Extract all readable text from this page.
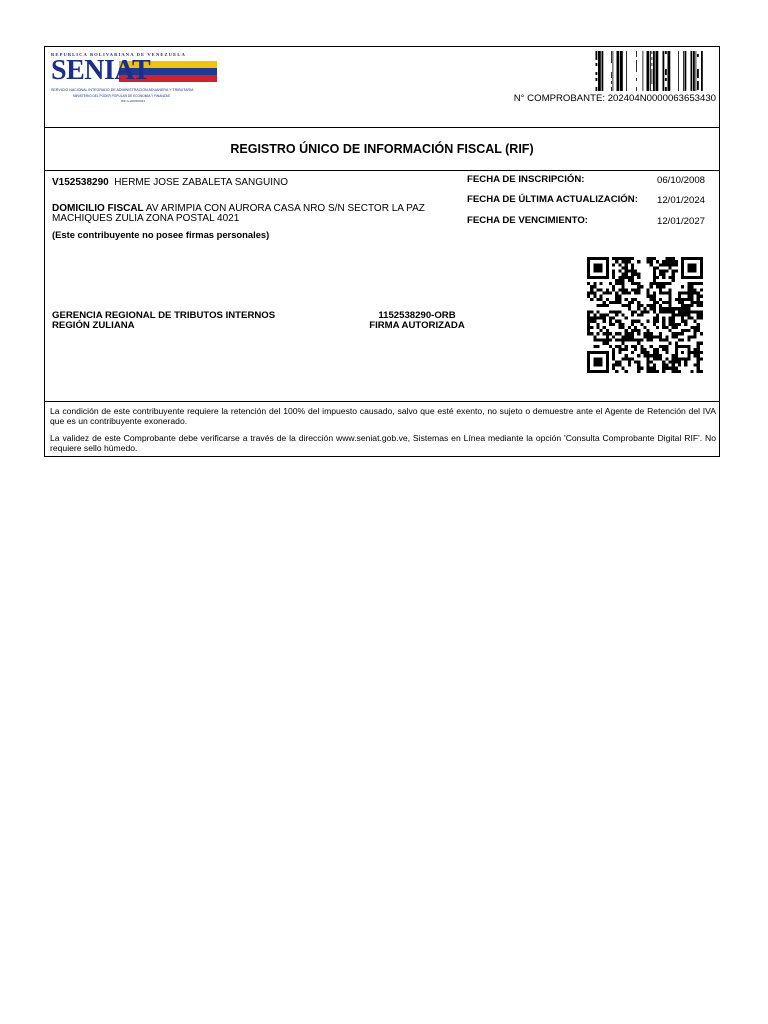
REPUBLICA BOLIVARIANA DE VENEZUELA
SENIAT
SERVICIO NACIONAL INTEGRADO DE ADMINISTRACION ADUANERA Y TRIBUTARIA
MINISTERIO DEL PODER POPULAR DE ECONOMIA Y FINANZAS
RIF G-200000031	N° COMPROBANTE: 202404N0000063653430
REGISTRO ÚNICO DE INFORMACIÓN FISCAL (RIF)
V152538290 HERME JOSE ZABALETA SANGUINO
DOMICILIO FISCAL AV ARIMPIA CON AURORA CASA NRO S/N SECTOR LA PAZ
MACHIQUES ZULIA ZONA POSTAL 4021
(Este contribuyente no posee firmas personales)
FECHA DE INSCRIPCIÓN:	06/10/2008
FECHA DE ÚLTIMA ACTUALIZACIÓN: 12/01/2024
FECHA DE VENCIMIENTO:	12/01/2027
GERENCIA REGIONAL DE TRIBUTOS INTERNOS
REGIÓN ZULIANA
1152538290-ORB
FIRMA AUTORIZADA

La condición de este contribuyente requiere la retención del 100% del impuesto causado, salvo que esté exento, no sujeto o demuestre ante el Agente de Retención del IVA que es un contribuyente exonerado.

La validez de este Comprobante debe verificarse a través de la dirección www.seniat.gob.ve, Sistemas en Línea mediante la opción 'Consulta Comprobante Digital RIF'. No requiere sello húmedo.
